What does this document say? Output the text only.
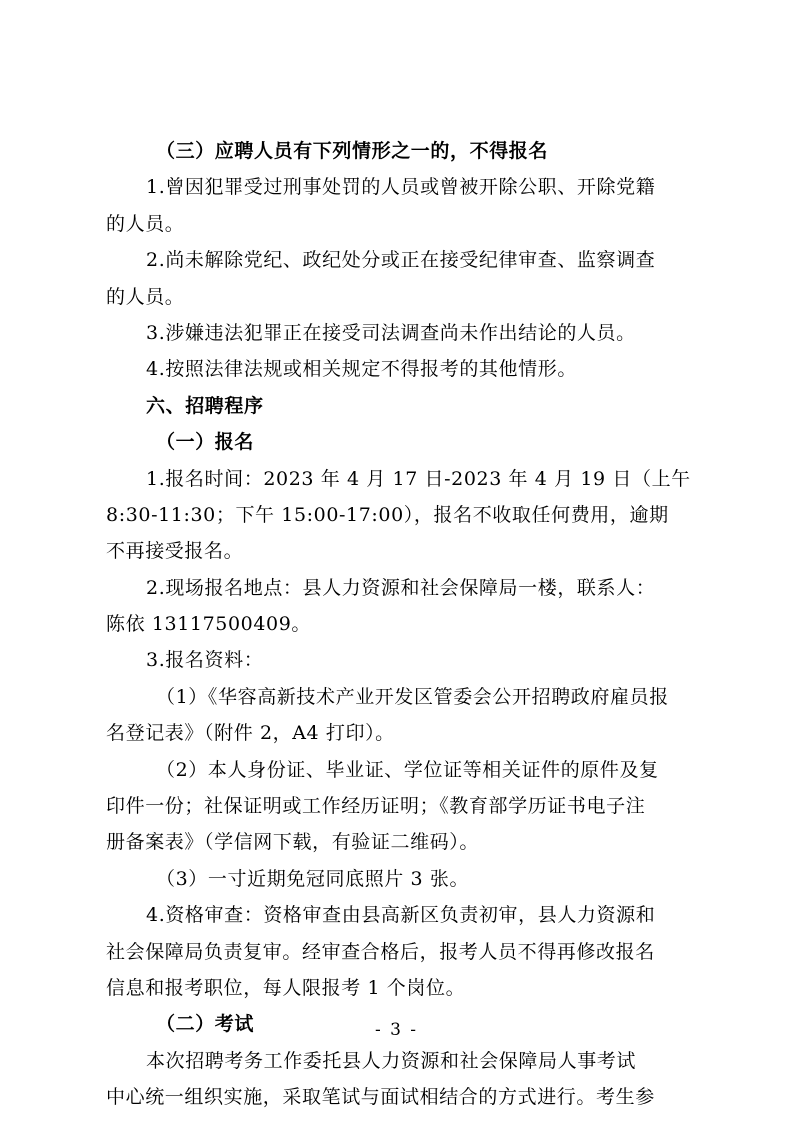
（三）应聘人员有下列情形之一的，不得报名
1.曾因犯罪受过刑事处罚的人员或曾被开除公职、开除党籍
的人员。
2.尚未解除党纪、政纪处分或正在接受纪律审查、监察调查
的人员。
3.涉嫌违法犯罪正在接受司法调查尚未作出结论的人员。
4.按照法律法规或相关规定不得报考的其他情形。
六、招聘程序
（一）报名
1.报名时间：2023 年 4 月 17 日-2023 年 4 月 19 日（上午
8:30-11:30；下午 15:00-17:00），报名不收取任何费用，逾期
不再接受报名。
2.现场报名地点：县人力资源和社会保障局一楼，联系人：
陈依 13117500409。
3.报名资料：
（1）《华容高新技术产业开发区管委会公开招聘政府雇员报
名登记表》（附件 2，A4 打印）。
（2）本人身份证、毕业证、学位证等相关证件的原件及复
印件一份；社保证明或工作经历证明；《教育部学历证书电子注
册备案表》（学信网下载，有验证二维码）。
（3）一寸近期免冠同底照片 3 张。
4.资格审查：资格审查由县高新区负责初审，县人力资源和
社会保障局负责复审。经审查合格后，报考人员不得再修改报名
信息和报考职位，每人限报考 1 个岗位。
（二）考试
本次招聘考务工作委托县人力资源和社会保障局人事考试
中心统一组织实施，采取笔试与面试相结合的方式进行。考生参
- 3 -
